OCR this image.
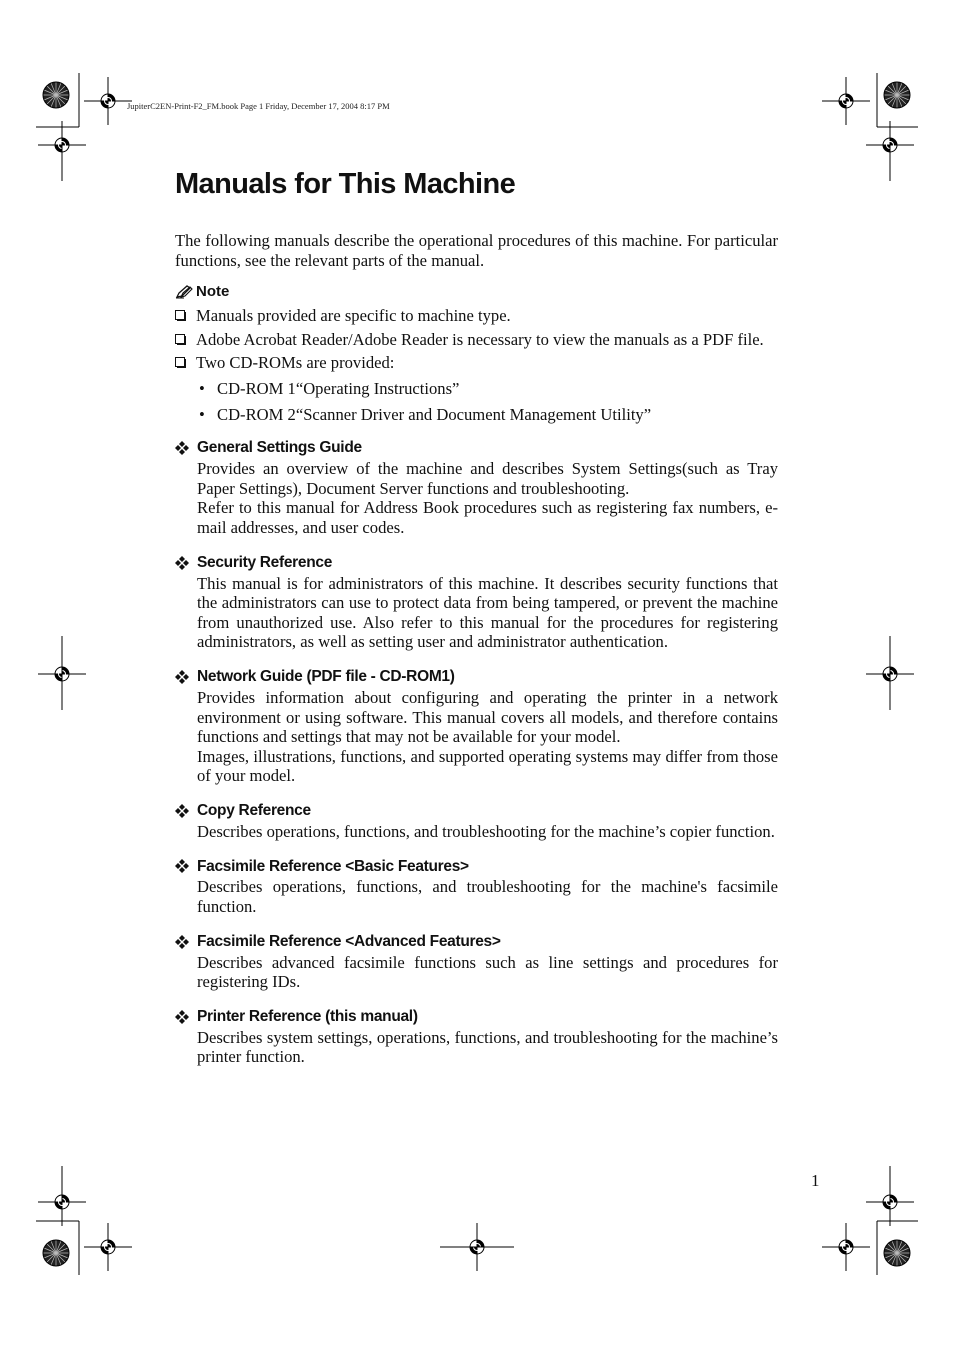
JupiterC2EN-Print-F2_FM.book Page 1 Friday, December 17, 2004 8:17 PM
Manuals for This Machine

The following manuals describe the operational procedures of this machine. For particular functions, see the relevant parts of the manual.

Note
Manuals provided are specific to machine type.
Adobe Acrobat Reader/Adobe Reader is necessary to view the manuals as a PDF file.
Two CD-ROMs are provided:
• CD-ROM 1“Operating Instructions”
• CD-ROM 2“Scanner Driver and Document Management Utility”
General Settings Guide

Provides an overview of the machine and describes System Settings(such as Tray Paper Settings), Document Server functions and troubleshooting.

Refer to this manual for Address Book procedures such as registering fax numbers, e-mail addresses, and user codes.

Security Reference

This manual is for administrators of this machine. It describes security functions that the administrators can use to protect data from being tampered, or prevent the machine from unauthorized use. Also refer to this manual for the procedures for registering administrators, as well as setting user and administrator authentication.

Network Guide (PDF file - CD-ROM1)

Provides information about configuring and operating the printer in a network environment or using software. This manual covers all models, and therefore contains functions and settings that may not be available for your model.

Images, illustrations, functions, and supported operating systems may differ from those of your model.

Copy Reference

Describes operations, functions, and troubleshooting for the machine’s copier function.

Facsimile Reference <Basic Features>

Describes operations, functions, and troubleshooting for the machine's facsimile function.

Facsimile Reference <Advanced Features>

Describes advanced facsimile functions such as line settings and procedures for registering IDs.

Printer Reference (this manual)

Describes system settings, operations, functions, and troubleshooting for the machine’s printer function.

1
